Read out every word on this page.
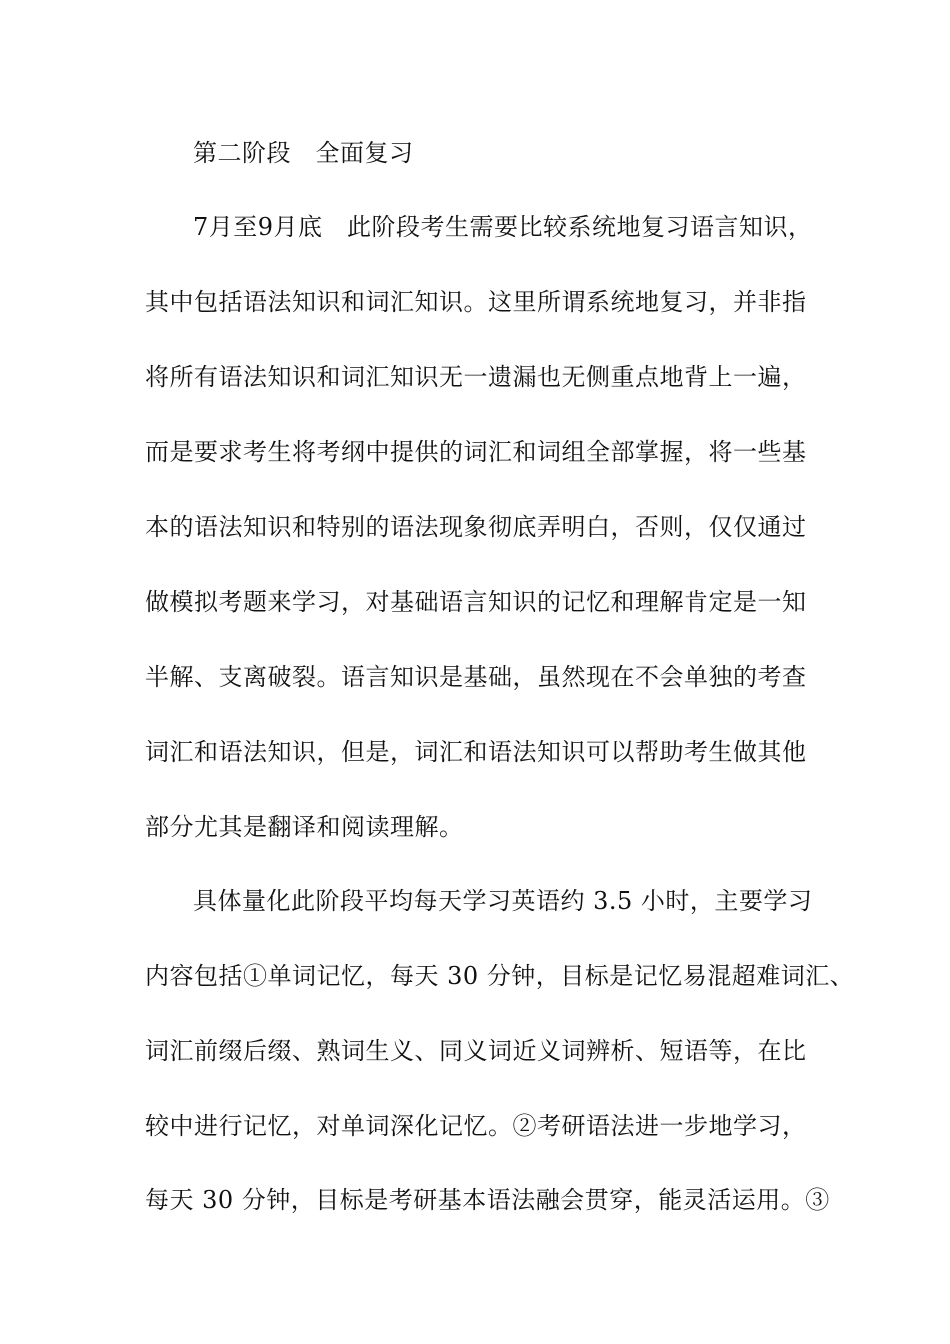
第二阶段　全面复习
7月至9月底　此阶段考生需要比较系统地复习语言知识，
其中包括语法知识和词汇知识。这里所谓系统地复习，并非指
将所有语法知识和词汇知识无一遗漏也无侧重点地背上一遍，
而是要求考生将考纲中提供的词汇和词组全部掌握，将一些基
本的语法知识和特别的语法现象彻底弄明白，否则，仅仅通过
做模拟考题来学习，对基础语言知识的记忆和理解肯定是一知
半解、支离破裂。语言知识是基础，虽然现在不会单独的考查
词汇和语法知识，但是，词汇和语法知识可以帮助考生做其他
部分尤其是翻译和阅读理解。
具体量化此阶段平均每天学习英语约 3.5 小时，主要学习
内容包括①单词记忆，每天 30 分钟，目标是记忆易混超难词汇、
词汇前缀后缀、熟词生义、同义词近义词辨析、短语等，在比
较中进行记忆，对单词深化记忆。②考研语法进一步地学习，
每天 30 分钟，目标是考研基本语法融会贯穿，能灵活运用。③
